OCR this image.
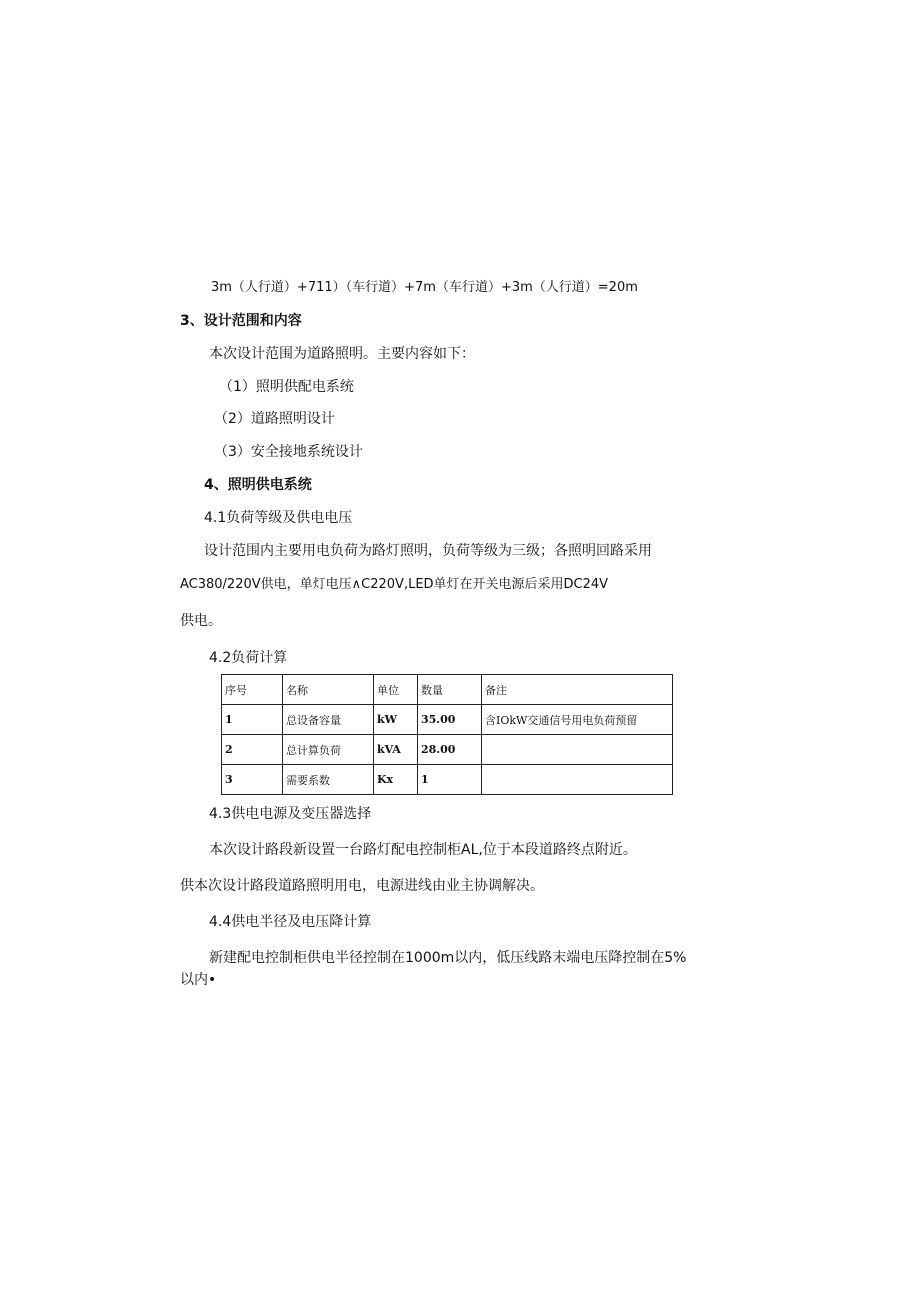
3m（人行道）+711）（车行道）+7m（车行道）+3m（人行道）=20m
3、设计范围和内容
本次设计范围为道路照明。主要内容如下：
（1）照明供配电系统
（2）道路照明设计
（3）安全接地系统设计
4、照明供电系统
4.1负荷等级及供电电压
设计范围内主要用电负荷为路灯照明，负荷等级为三级；各照明回路采用
AC380/220V供电，单灯电压∧C220V,LED单灯在开关电源后采用DC24V
供电。
4.2负荷计算
序号	名称	单位	数量	备注
1	总设备容量	kW	35.00	含IOkW交通信号用电负荷预留
2	总计算负荷	kVA	28.00	
3	需要系数	Kx	1	
4.3供电电源及变压器选择
本次设计路段新设置一台路灯配电控制柜AL,位于本段道路终点附近。
供本次设计路段道路照明用电，电源进线由业主协调解决。
4.4供电半径及电压降计算
新建配电控制柜供电半径控制在1000m以内，低压线路末端电压降控制在5%
以内•
